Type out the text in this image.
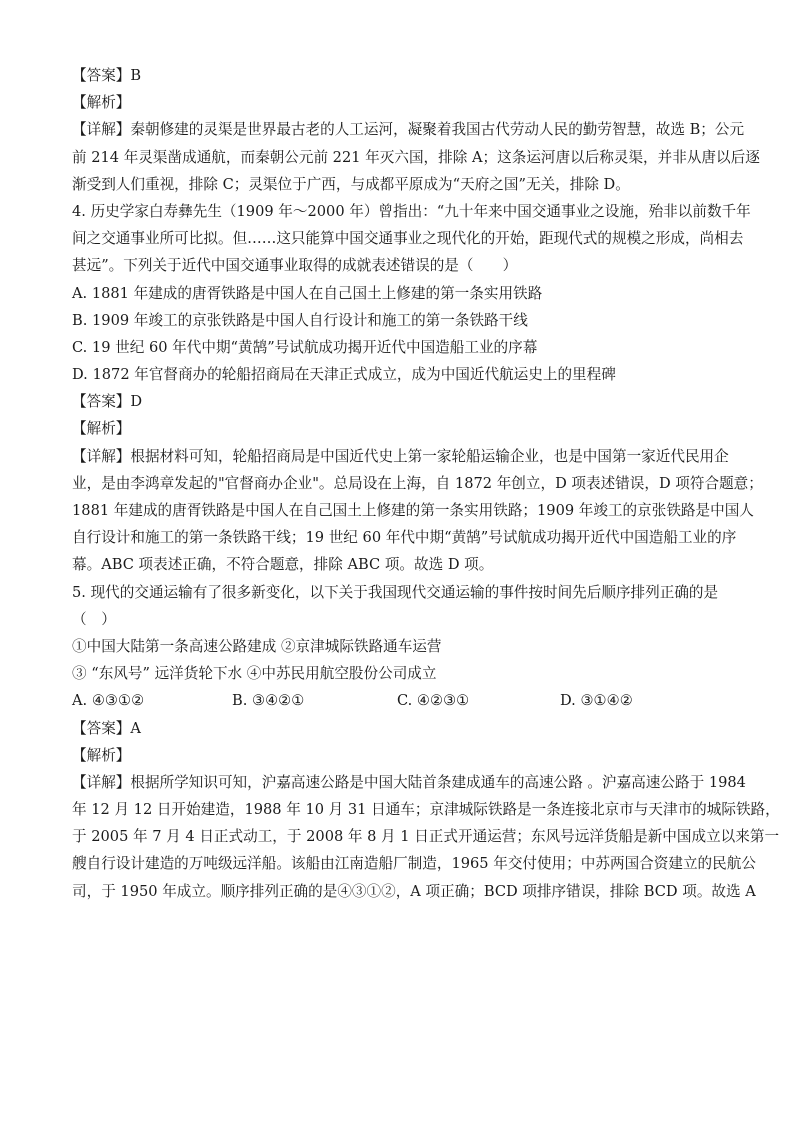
【答案】B
【解析】
【详解】秦朝修建的灵渠是世界最古老的人工运河，凝聚着我国古代劳动人民的勤劳智慧，故选 B；公元
前 214 年灵渠凿成通航，而秦朝公元前 221 年灭六国，排除 A；这条运河唐以后称灵渠，并非从唐以后逐
渐受到人们重视，排除 C；灵渠位于广西，与成都平原成为“天府之国”无关，排除 D。
4. 历史学家白寿彝先生（1909 年～2000 年）曾指出：“九十年来中国交通事业之设施，殆非以前数千年
间之交通事业所可比拟。但……这只能算中国交通事业之现代化的开始，距现代式的规模之形成，尚相去
甚远”。下列关于近代中国交通事业取得的成就表述错误的是（　　）
A. 1881 年建成的唐胥铁路是中国人在自己国土上修建的第一条实用铁路
B. 1909 年竣工的京张铁路是中国人自行设计和施工的第一条铁路干线
C. 19 世纪 60 年代中期“黄鹄”号试航成功揭开近代中国造船工业的序幕
D. 1872 年官督商办的轮船招商局在天津正式成立，成为中国近代航运史上的里程碑
【答案】D
【解析】
【详解】根据材料可知，轮船招商局是中国近代史上第一家轮船运输企业，也是中国第一家近代民用企
业，是由李鸿章发起的"官督商办企业"。总局设在上海，自 1872 年创立，D 项表述错误，D 项符合题意；
1881 年建成的唐胥铁路是中国人在自己国土上修建的第一条实用铁路；1909 年竣工的京张铁路是中国人
自行设计和施工的第一条铁路干线；19 世纪 60 年代中期“黄鹄”号试航成功揭开近代中国造船工业的序
幕。ABC 项表述正确，不符合题意，排除 ABC 项。故选 D 项。
5. 现代的交通运输有了很多新变化，以下关于我国现代交通运输的事件按时间先后顺序排列正确的是
（　）
①中国大陆第一条高速公路建成 ②京津城际铁路通车运营
③ “东风号” 远洋货轮下水 ④中苏民用航空股份公司成立
A. ④③①②	B. ③④②①	C. ④②③①	D. ③①④②
【答案】A
【解析】
【详解】根据所学知识可知，沪嘉高速公路是中国大陆首条建成通车的高速公路 。沪嘉高速公路于 1984
年 12 月 12 日开始建造，1988 年 10 月 31 日通车；京津城际铁路是一条连接北京市与天津市的城际铁路，
于 2005 年 7 月 4 日正式动工，于 2008 年 8 月 1 日正式开通运营；东风号远洋货船是新中国成立以来第一
艘自行设计建造的万吨级远洋船。该船由江南造船厂制造，1965 年交付使用；中苏两国合资建立的民航公
司，于 1950 年成立。顺序排列正确的是④③①②，A 项正确；BCD 项排序错误，排除 BCD 项。故选 A
